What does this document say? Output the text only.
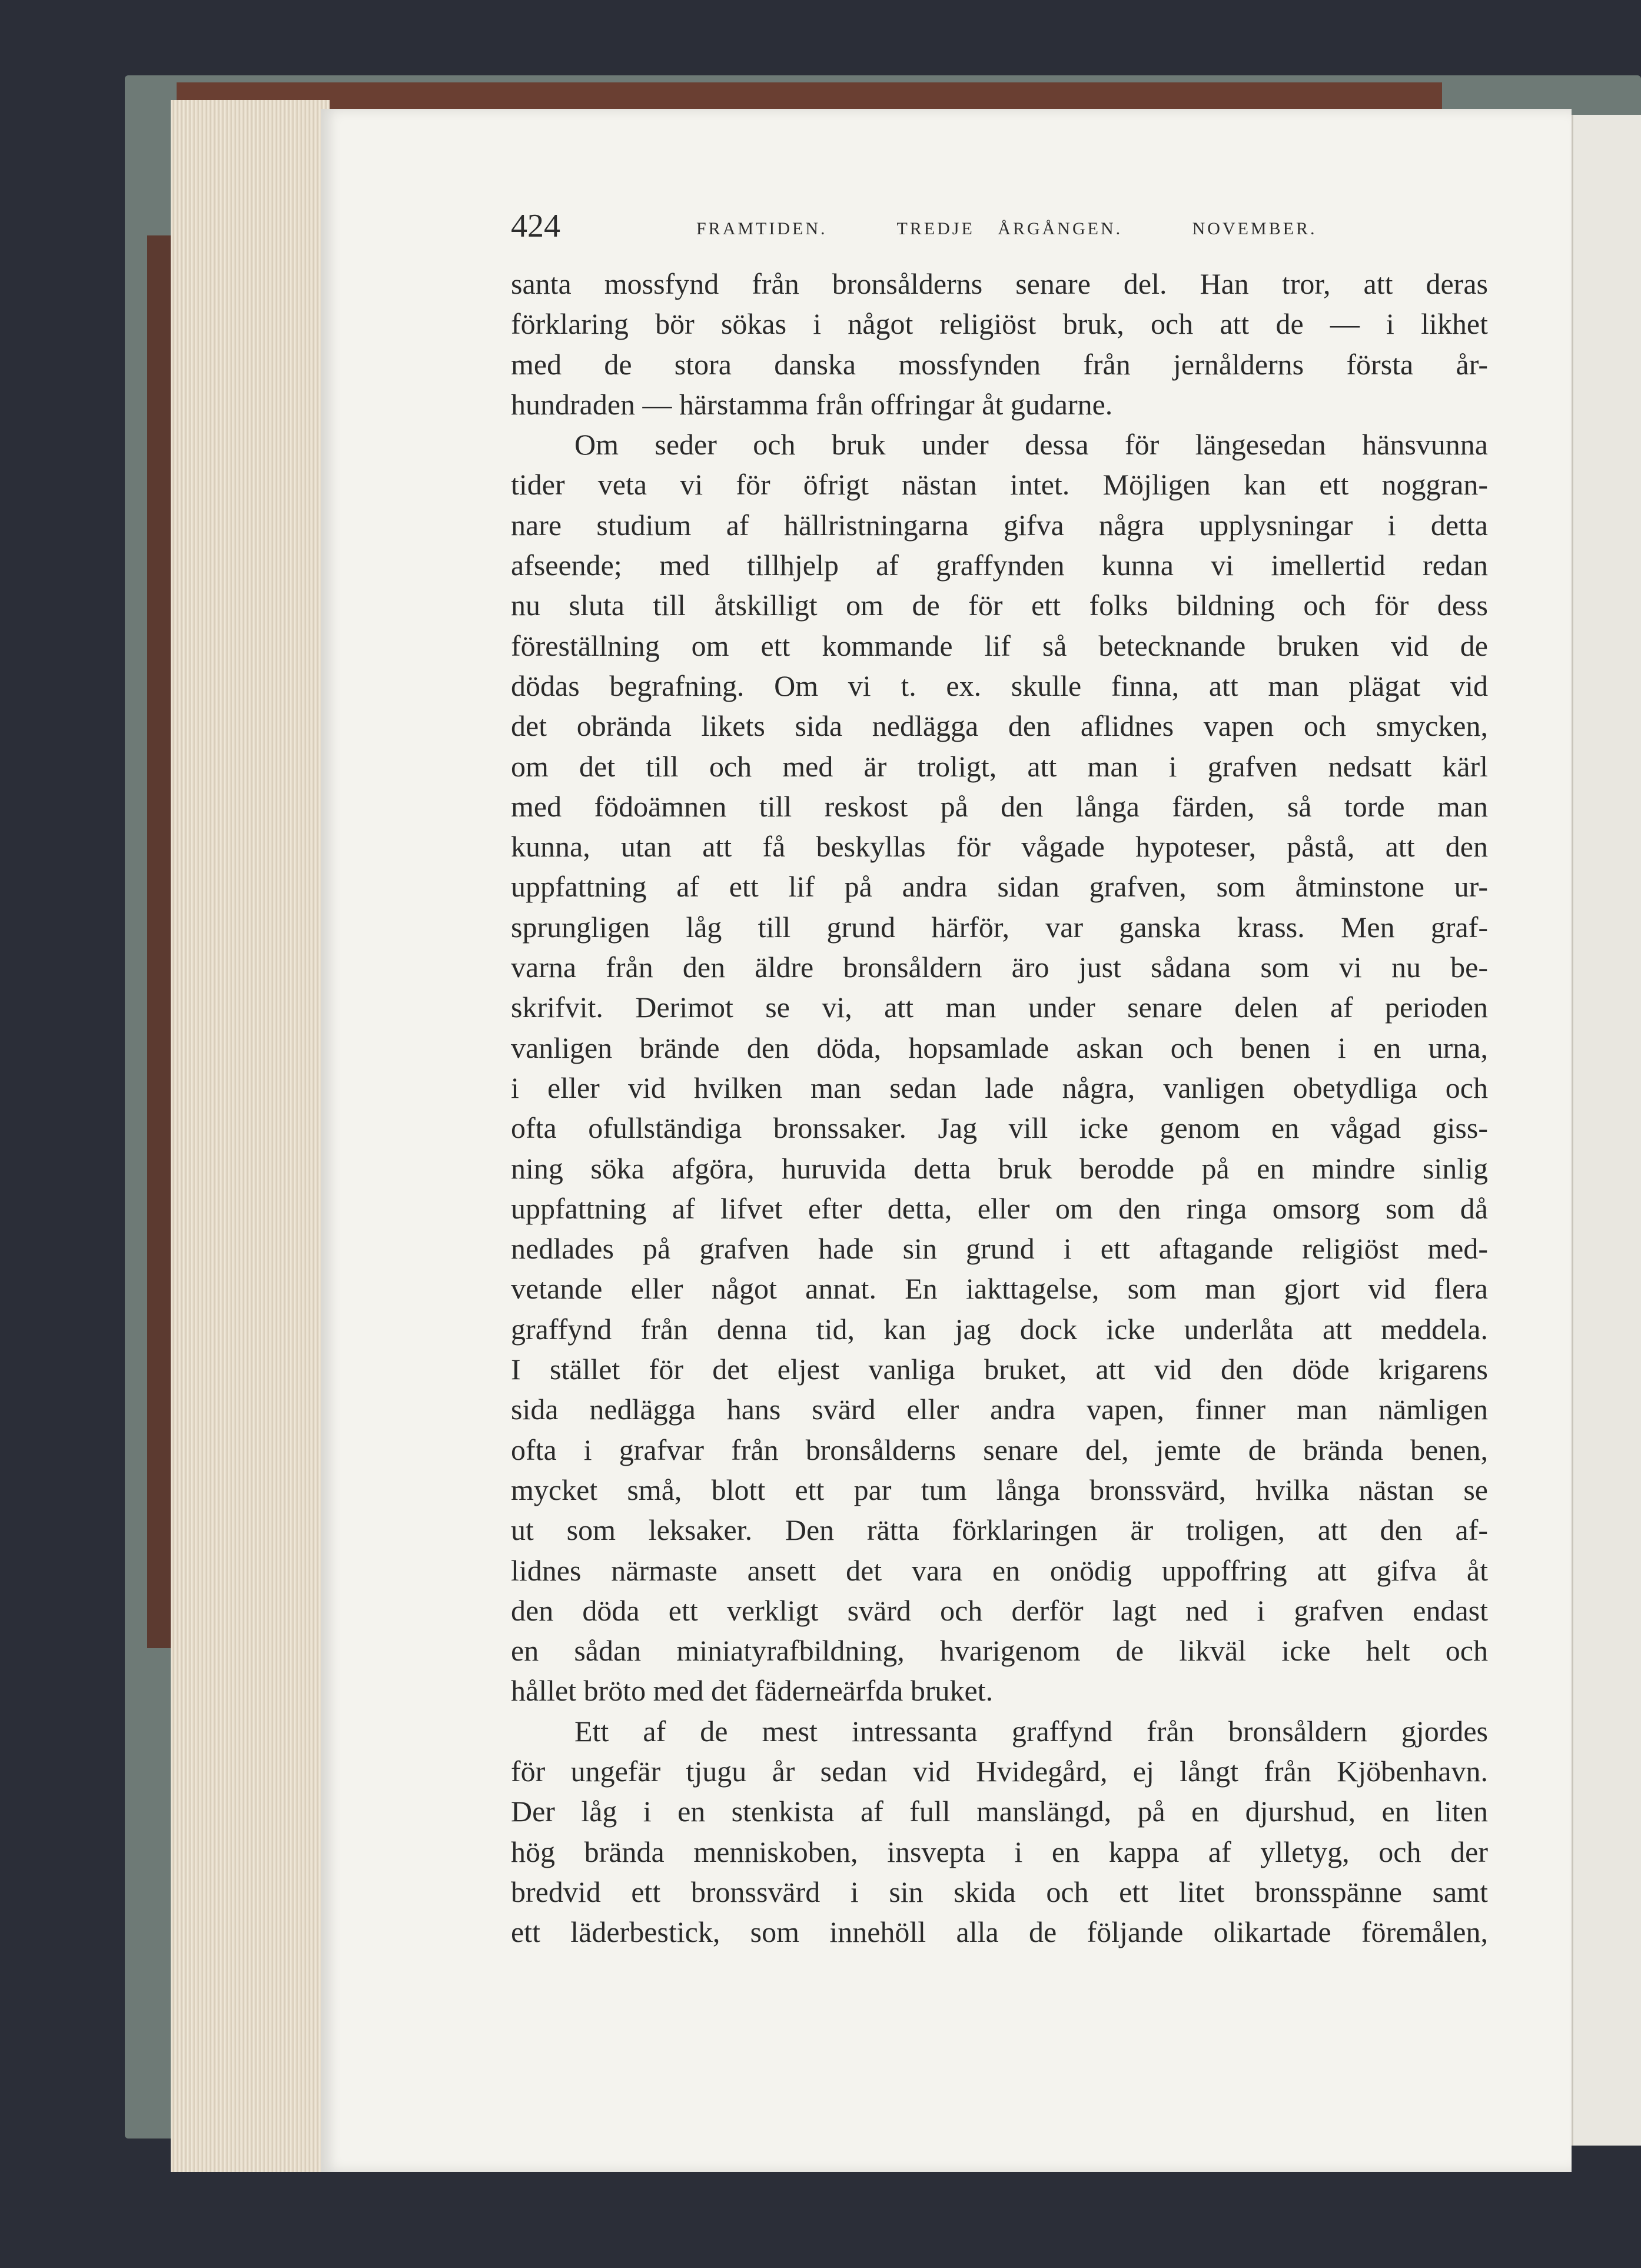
424	FRAMTIDEN.   TREDJE ÅRGÅNGEN.   NOVEMBER.
santa mossfynd från bronsålderns senare del. Han tror, att deras
förklaring bör sökas i något religiöst bruk, och att de — i likhet
med de stora danska mossfynden från jernålderns första år-
hundraden — härstamma från offringar åt gudarne.
Om seder och bruk under dessa för längesedan hänsvunna
tider veta vi för öfrigt nästan intet. Möjligen kan ett noggran-
nare studium af hällristningarna gifva några upplysningar i detta
afseende; med tillhjelp af graffynden kunna vi imellertid redan
nu sluta till åtskilligt om de för ett folks bildning och för dess
föreställning om ett kommande lif så betecknande bruken vid de
dödas begrafning. Om vi t. ex. skulle finna, att man plägat vid
det obrända likets sida nedlägga den aflidnes vapen och smycken,
om det till och med är troligt, att man i grafven nedsatt kärl
med födoämnen till reskost på den långa färden, så torde man
kunna, utan att få beskyllas för vågade hypoteser, påstå, att den
uppfattning af ett lif på andra sidan grafven, som åtminstone ur-
sprungligen låg till grund härför, var ganska krass. Men graf-
varna från den äldre bronsåldern äro just sådana som vi nu be-
skrifvit. Derimot se vi, att man under senare delen af perioden
vanligen brände den döda, hopsamlade askan och benen i en urna,
i eller vid hvilken man sedan lade några, vanligen obetydliga och
ofta ofullständiga bronssaker. Jag vill icke genom en vågad giss-
ning söka afgöra, huruvida detta bruk berodde på en mindre sinlig
uppfattning af lifvet efter detta, eller om den ringa omsorg som då
nedlades på grafven hade sin grund i ett aftagande religiöst med-
vetande eller något annat. En iakttagelse, som man gjort vid flera
graffynd från denna tid, kan jag dock icke underlåta att meddela.
I stället för det eljest vanliga bruket, att vid den döde krigarens
sida nedlägga hans svärd eller andra vapen, finner man nämligen
ofta i grafvar från bronsålderns senare del, jemte de brända benen,
mycket små, blott ett par tum långa bronssvärd, hvilka nästan se
ut som leksaker. Den rätta förklaringen är troligen, att den af-
lidnes närmaste ansett det vara en onödig uppoffring att gifva åt
den döda ett verkligt svärd och derför lagt ned i grafven endast
en sådan miniatyrafbildning, hvarigenom de likväl icke helt och
hållet bröto med det fäderneärfda bruket.
Ett af de mest intressanta graffynd från bronsåldern gjordes
för ungefär tjugu år sedan vid Hvidegård, ej långt från Kjöbenhavn.
Der låg i en stenkista af full manslängd, på en djurshud, en liten
hög brända menniskoben, insvepta i en kappa af ylletyg, och der
bredvid ett bronssvärd i sin skida och ett litet bronsspänne samt
ett läderbestick, som innehöll alla de följande olikartade föremålen,
